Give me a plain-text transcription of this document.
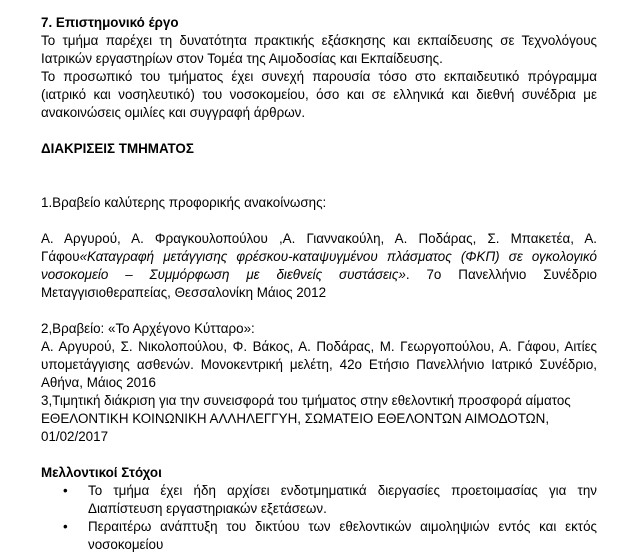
7. Επιστημονικό έργο

Το τμήμα παρέχει τη δυνατότητα πρακτικής εξάσκησης και εκπαίδευσης σε Τεχνολόγους Ιατρικών εργαστηρίων στον Τομέα της Αιμοδοσίας και Εκπαίδευσης.

Το προσωπικό του τμήματος έχει συνεχή παρουσία τόσο στο εκπαιδευτικό πρόγραμμα (ιατρικό και νοσηλευτικό) του νοσοκομείου, όσο και σε ελληνικά και διεθνή συνέδρια με ανακοινώσεις ομιλίες και συγγραφή άρθρων.

ΔΙΑΚΡΙΣΕΙΣ ΤΜΗΜΑΤΟΣ

1.Βραβείο καλύτερης προφορικής ανακοίνωσης:

Α. Αργυρού, Α. Φραγκουλοπούλου ,Α. Γιαννακούλη, Α. Ποδάρας, Σ. Μπακετέα, Α. Γάφου«Καταγραφή μετάγγισης φρέσκου-καταψυγμένου πλάσματος (ΦΚΠ) σε ογκολογικό νοσοκομείο – Συμμόρφωση με διεθνείς συστάσεις». 7ο Πανελλήνιο Συνέδριο Μεταγγισιοθεραπείας, Θεσσαλονίκη Μάιος 2012

2,Βραβείο: «Το Αρχέγονο Κύτταρο»:

Α. Αργυρού, Σ. Νικολοπούλου, Φ. Βάκος, Α. Ποδάρας, Μ. Γεωργοπούλου, Α. Γάφου, Αιτίες υπομετάγγισης ασθενών. Μονοκεντρική μελέτη, 42ο Ετήσιο Πανελλήνιο Ιατρικό Συνέδριο, Αθήνα, Μάιος 2016

3,Τιμητική διάκριση για την συνεισφορά του τμήματος στην εθελοντική προσφορά αίματος

ΕΘΕΛΟΝΤΙΚΗ ΚΟΙΝΩΝΙΚΗ ΑΛΛΗΛΕΓΓΥΗ, ΣΩΜΑΤΕΙΟ ΕΘΕΛΟΝΤΩΝ ΑΙΜΟΔΟΤΩΝ, 01/02/2017

Μελλοντικοί Στόχοι

• Το τμήμα έχει ήδη αρχίσει ενδοτμηματικά διεργασίες προετοιμασίας για την Διαπίστευση εργαστηριακών εξετάσεων.
• Περαιτέρω ανάπτυξη του δικτύου των εθελοντικών αιμοληψιών εντός και εκτός νοσοκομείου
